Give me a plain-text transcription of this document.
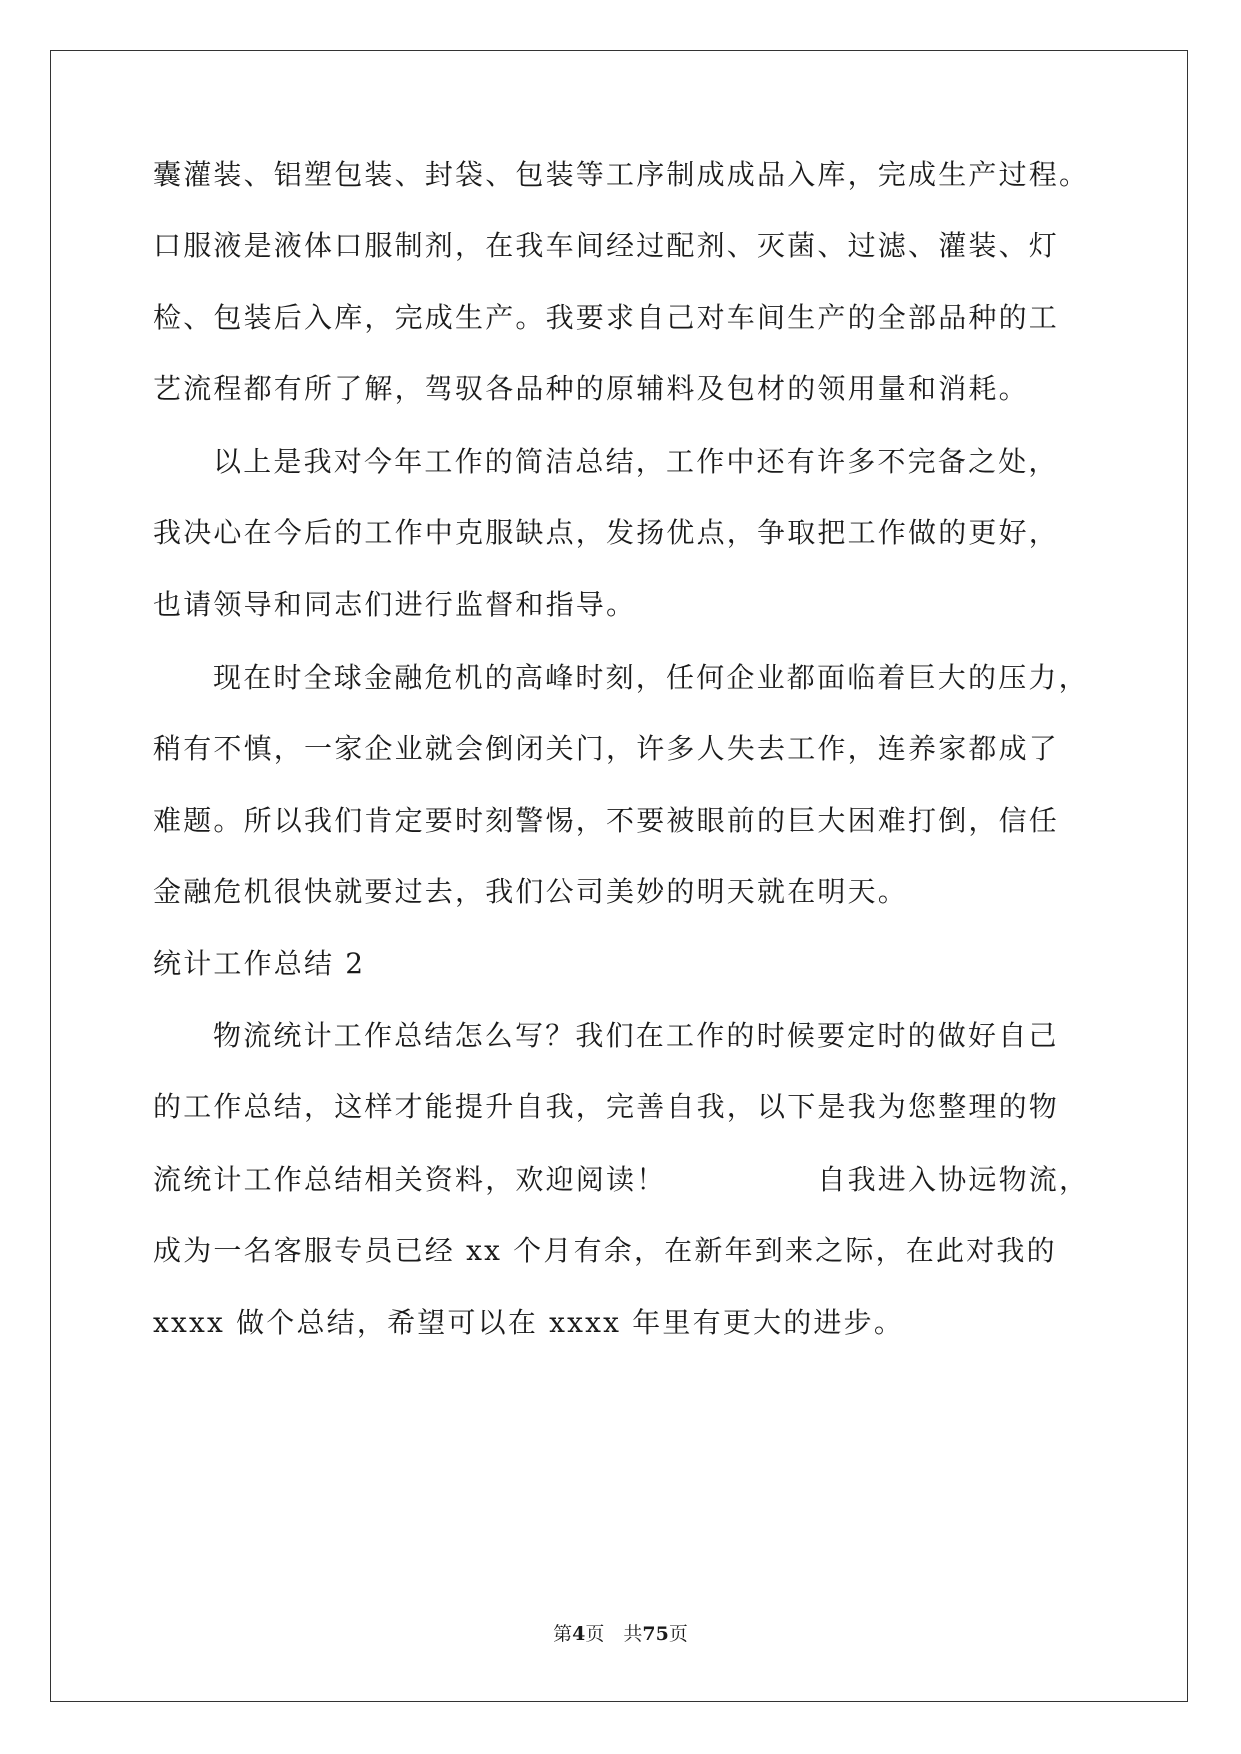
囊灌装、铝塑包装、封袋、包装等工序制成成品入库，完成生产过程。
口服液是液体口服制剂，在我车间经过配剂、灭菌、过滤、灌装、灯
检、包装后入库，完成生产。我要求自己对车间生产的全部品种的工
艺流程都有所了解，驾驭各品种的原辅料及包材的领用量和消耗。
以上是我对今年工作的简洁总结，工作中还有许多不完备之处，
我决心在今后的工作中克服缺点，发扬优点，争取把工作做的更好，
也请领导和同志们进行监督和指导。
现在时全球金融危机的高峰时刻，任何企业都面临着巨大的压力，
稍有不慎，一家企业就会倒闭关门，许多人失去工作，连养家都成了
难题。所以我们肯定要时刻警惕，不要被眼前的巨大困难打倒，信任
金融危机很快就要过去，我们公司美妙的明天就在明天。
统计工作总结 2
物流统计工作总结怎么写？我们在工作的时候要定时的做好自己
的工作总结，这样才能提升自我，完善自我，以下是我为您整理的物
流统计工作总结相关资料，欢迎阅读！　　　　　自我进入协远物流，
成为一名客服专员已经 xx 个月有余，在新年到来之际，在此对我的
xxxx 做个总结，希望可以在 xxxx 年里有更大的进步。
第4页　共75页
